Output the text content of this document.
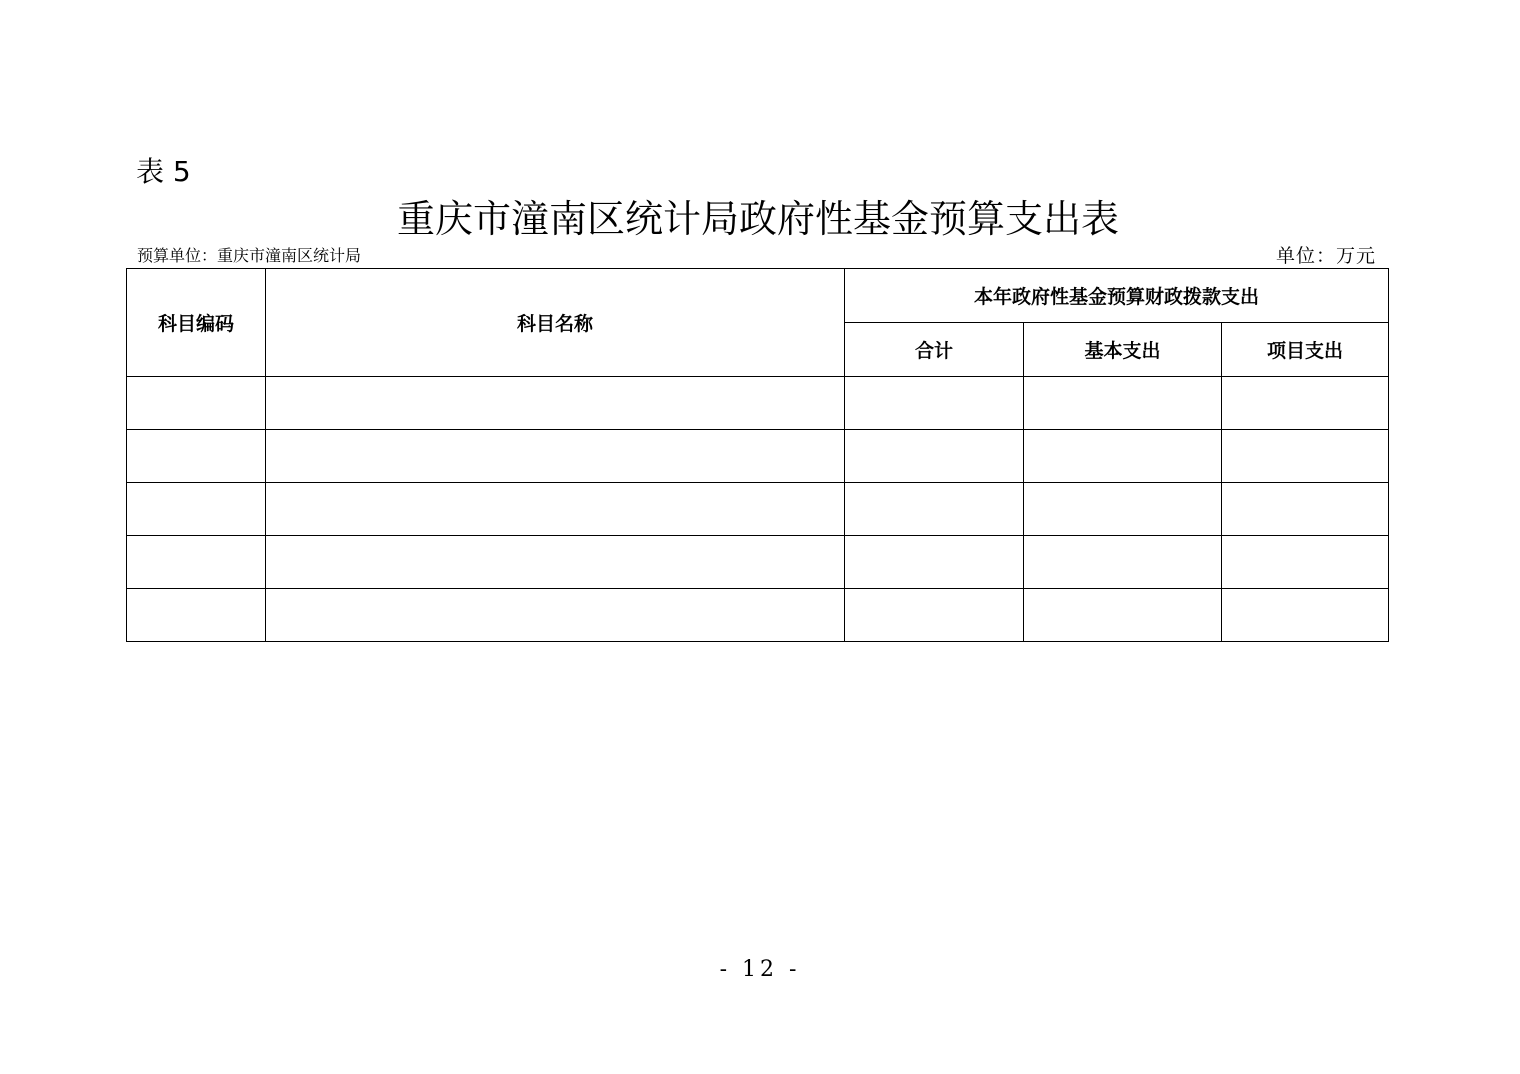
表 5
重庆市潼南区统计局政府性基金预算支出表
预算单位：重庆市潼南区统计局	单位：万元
科目编码	科目名称	本年政府性基金预算财政拨款支出		
		合计	基本支出	项目支出

- 12 -
